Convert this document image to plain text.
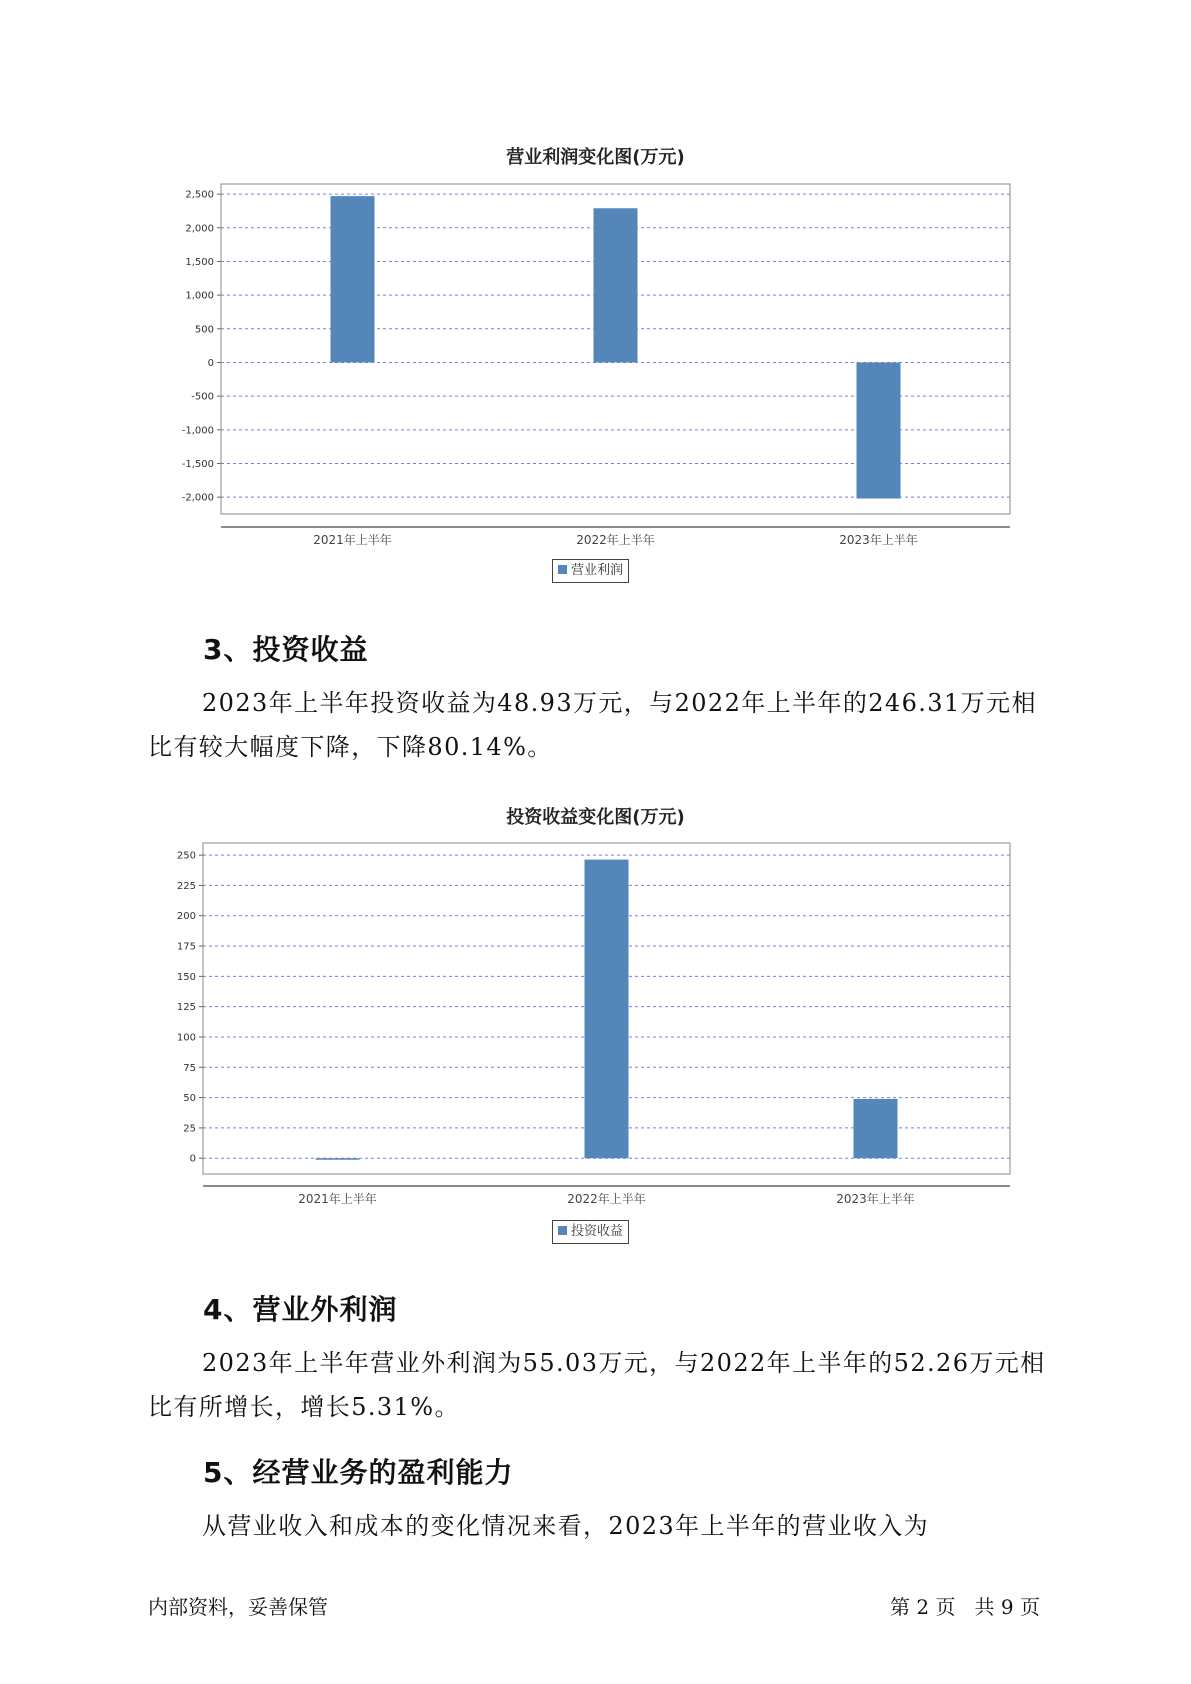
营业利润变化图(万元)
2,500
2,000
1,500
1,000
500
0
-500
-1,000
-1,500
-2,000
2021年上半年	2022年上半年	2023年上半年
营业利润
3、投资收益
2023年上半年投资收益为48.93万元，与2022年上半年的246.31万元相比有较大幅度下降，下降80.14%。
投资收益变化图(万元)
250
225
200
175
150
125
100
75
50
25
0
2021年上半年	2022年上半年	2023年上半年
投资收益
4、营业外利润
2023年上半年营业外利润为55.03万元，与2022年上半年的52.26万元相比有所增长，增长5.31%。
5、经营业务的盈利能力
从营业收入和成本的变化情况来看，2023年上半年的营业收入为
内部资料，妥善保管	第 2 页   共 9 页
